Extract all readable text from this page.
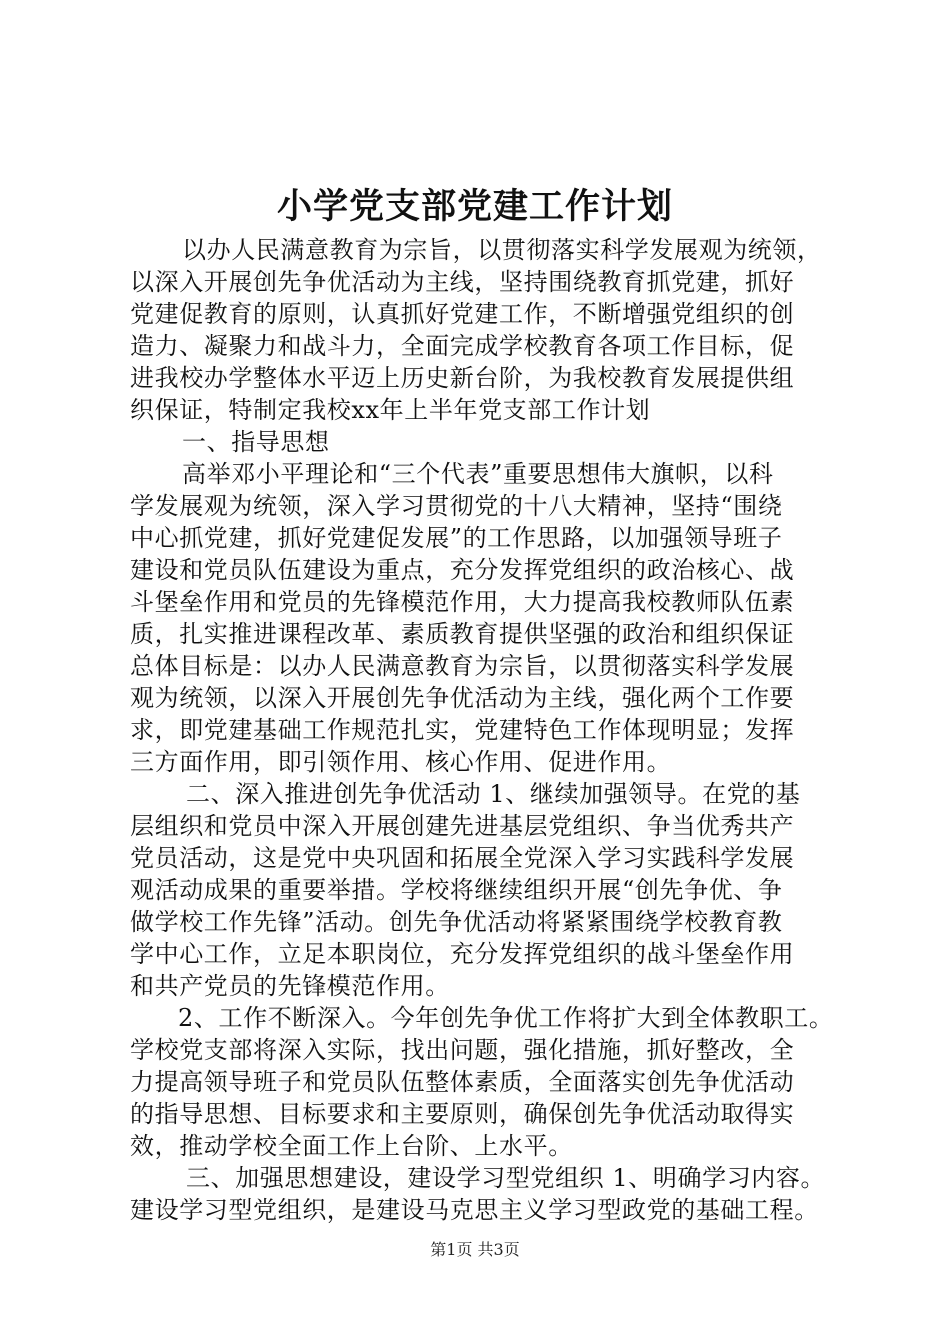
小学党支部党建工作计划

以办人民满意教育为宗旨，以贯彻落实科学发展观为统领，

以深入开展创先争优活动为主线，坚持围绕教育抓党建，抓好

党建促教育的原则，认真抓好党建工作，不断增强党组织的创

造力、凝聚力和战斗力，全面完成学校教育各项工作目标，促

进我校办学整体水平迈上历史新台阶，为我校教育发展提供组

织保证，特制定我校xx年上半年党支部工作计划

一、指导思想

高举邓小平理论和“三个代表”重要思想伟大旗帜，以科

学发展观为统领，深入学习贯彻党的十八大精神，坚持“围绕

中心抓党建，抓好党建促发展”的工作思路，以加强领导班子

建设和党员队伍建设为重点，充分发挥党组织的政治核心、战

斗堡垒作用和党员的先锋模范作用，大力提高我校教师队伍素

质，扎实推进课程改革、素质教育提供坚强的政治和组织保证

总体目标是：以办人民满意教育为宗旨，以贯彻落实科学发展

观为统领，以深入开展创先争优活动为主线，强化两个工作要

求，即党建基础工作规范扎实，党建特色工作体现明显；发挥

三方面作用，即引领作用、核心作用、促进作用。

二、深入推进创先争优活动 1、继续加强领导。在党的基

层组织和党员中深入开展创建先进基层党组织、争当优秀共产

党员活动，这是党中央巩固和拓展全党深入学习实践科学发展

观活动成果的重要举措。学校将继续组织开展“创先争优、争

做学校工作先锋”活动。创先争优活动将紧紧围绕学校教育教

学中心工作，立足本职岗位，充分发挥党组织的战斗堡垒作用

和共产党员的先锋模范作用。

2、工作不断深入。今年创先争优工作将扩大到全体教职工。

学校党支部将深入实际，找出问题，强化措施，抓好整改，全

力提高领导班子和党员队伍整体素质，全面落实创先争优活动

的指导思想、目标要求和主要原则，确保创先争优活动取得实

效，推动学校全面工作上台阶、上水平。

三、加强思想建设，建设学习型党组织 1、明确学习内容。

建设学习型党组织，是建设马克思主义学习型政党的基础工程。

第1页 共3页
